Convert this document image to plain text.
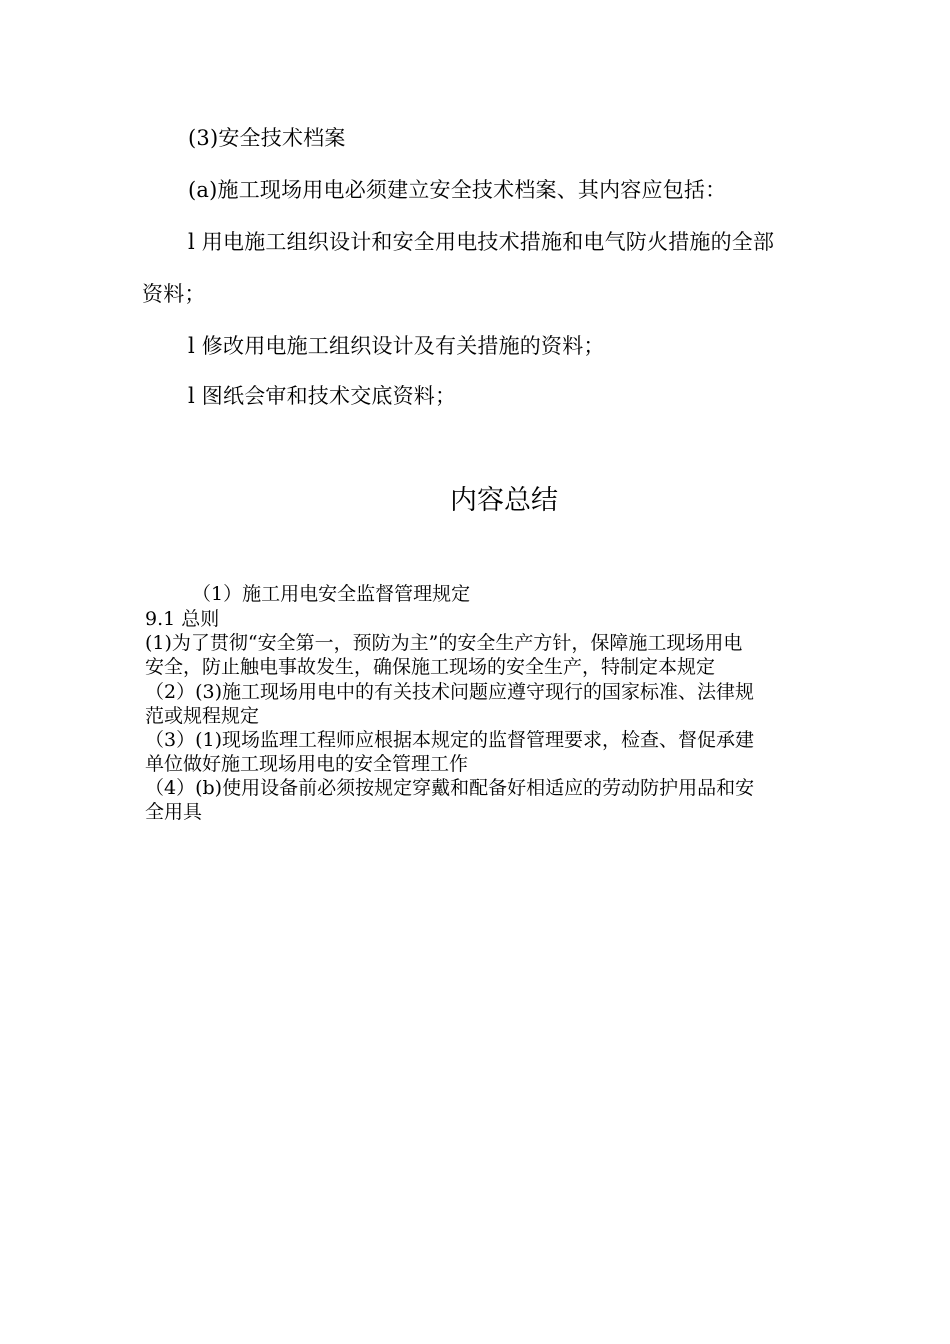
(3)安全技术档案
(a)施工现场用电必须建立安全技术档案、其内容应包括：
l 用电施工组织设计和安全用电技术措施和电气防火措施的全部
资料；
l 修改用电施工组织设计及有关措施的资料；
l 图纸会审和技术交底资料；
内容总结
（1）施工用电安全监督管理规定
9.1 总则
(1)为了贯彻“安全第一，预防为主”的安全生产方针，保障施工现场用电
安全，防止触电事故发生，确保施工现场的安全生产，特制定本规定
（2）(3)施工现场用电中的有关技术问题应遵守现行的国家标准、法律规
范或规程规定
（3）(1)现场监理工程师应根据本规定的监督管理要求，检查、督促承建
单位做好施工现场用电的安全管理工作
（4）(b)使用设备前必须按规定穿戴和配备好相适应的劳动防护用品和安
全用具
